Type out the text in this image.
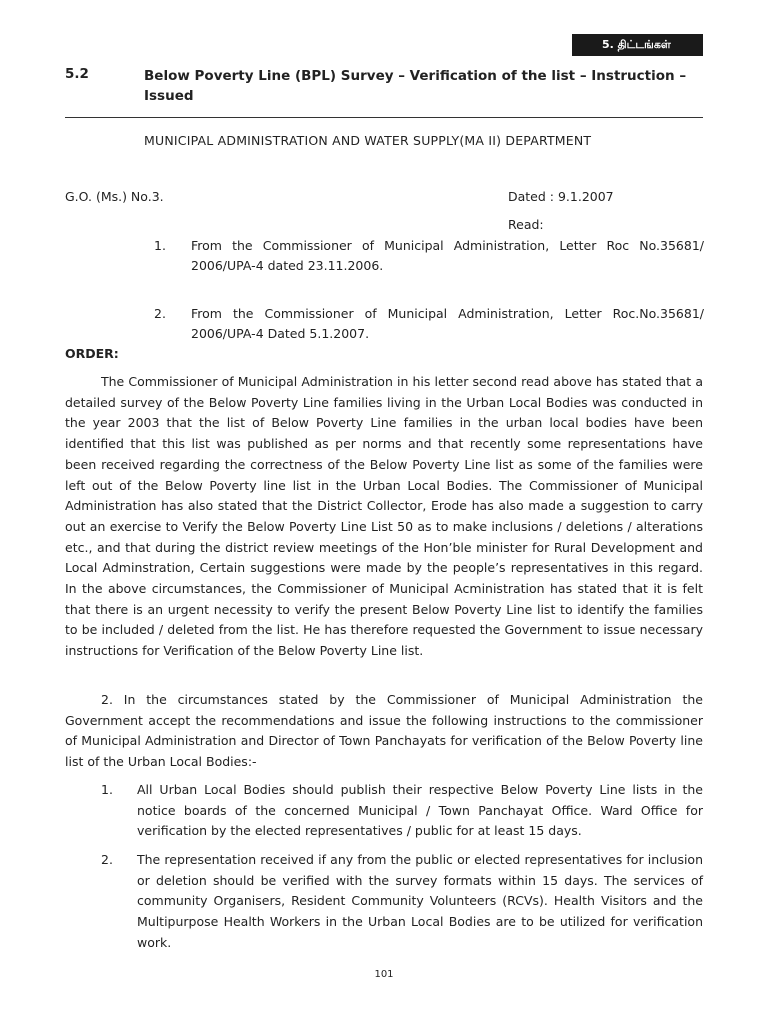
5. திட்டங்கள்
5.2	Below Poverty Line (BPL) Survey – Verification of the list – Instruction – Issued
MUNICIPAL ADMINISTRATION AND WATER SUPPLY(MA II) DEPARTMENT
G.O. (Ms.) No.3.	Dated : 9.1.2007
Read:
1. From the Commissioner of Municipal Administration, Letter Roc No.35681/ 2006/UPA-4 dated 23.11.2006.
2. From the Commissioner of Municipal Administration, Letter Roc.No.35681/ 2006/UPA-4 Dated 5.1.2007.
ORDER:
The Commissioner of Municipal Administration in his letter second read above has stated that a detailed survey of the Below Poverty Line families living in the Urban Local Bodies was conducted in the year 2003 that the list of Below Poverty Line families in the urban local bodies have been identified that this list was published as per norms and that recently some representations have been received regarding the correctness of the Below Poverty Line list as some of the families were left out of the Below Poverty line list in the Urban Local Bodies. The Commissioner of Municipal Administration has also stated that the District Collector, Erode has also made a suggestion to carry out an exercise to Verify the Below Poverty Line List 50 as to make inclusions / deletions / alterations etc., and that during the district review meetings of the Hon’ble minister for Rural Development and Local Adminstration, Certain suggestions were made by the people’s representatives in this regard. In the above circumstances, the Commissioner of Municipal Acministration has stated that it is felt that there is an urgent necessity to verify the present Below Poverty Line list to identify the families to be included / deleted from the list. He has therefore requested the Government to issue necessary instructions for Verification of the Below Poverty Line list.
2. In the circumstances stated by the Commissioner of Municipal Administration the Government accept the recommendations and issue the following instructions to the commissioner of Municipal Administration and Director of Town Panchayats for verification of the Below Poverty line list of the Urban Local Bodies:-
1. All Urban Local Bodies should publish their respective Below Poverty Line lists in the notice boards of the concerned Municipal / Town Panchayat Office. Ward Office for verification by the elected representatives / public for at least 15 days.
2. The representation received if any from the public or elected representatives for inclusion or deletion should be verified with the survey formats within 15 days. The services of community Organisers, Resident Community Volunteers (RCVs). Health Visitors and the Multipurpose Health Workers in the Urban Local Bodies are to be utilized for verification work.
101
